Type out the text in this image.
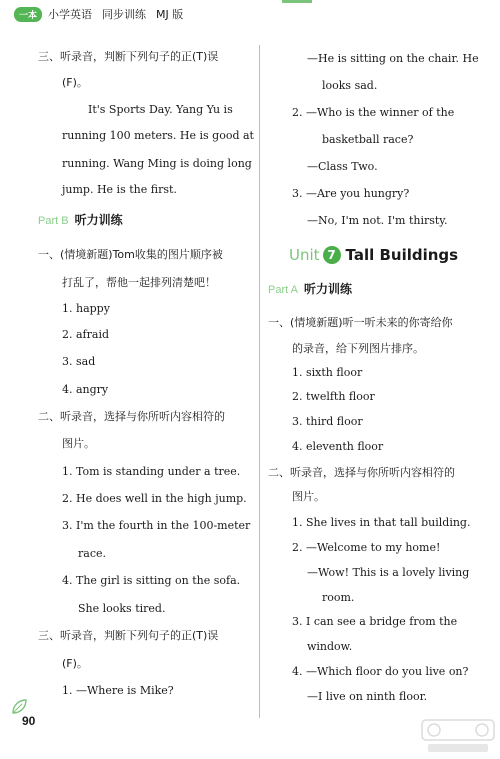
一本 小学英语 同步训练 MJ 版
三、听录音，判断下列句子的正(T)误
(F)。
It's Sports Day. Yang Yu is
running 100 meters. He is good at
running. Wang Ming is doing long
jump. He is the first.
Part B 听力训练
一、(情境新题)Tom收集的图片顺序被
打乱了，帮他一起排列清楚吧！
1. happy
2. afraid
3. sad
4. angry
二、听录音，选择与你所听内容相符的
图片。
1. Tom is standing under a tree.
2. He does well in the high jump.
3. I'm the fourth in the 100-meter
race.
4. The girl is sitting on the sofa.
She looks tired.
三、听录音，判断下列句子的正(T)误
(F)。
1. —Where is Mike?
—He is sitting on the chair. He
looks sad.
2. —Who is the winner of the
basketball race?
—Class Two.
3. —Are you hungry?
—No, I'm not. I'm thirsty.
Unit 7 Tall Buildings
Part A 听力训练
一、(情境新题)听一听未来的你寄给你
的录音，给下列图片排序。
1. sixth floor
2. twelfth floor
3. third floor
4. eleventh floor
二、听录音，选择与你所听内容相符的
图片。
1. She lives in that tall building.
2. —Welcome to my home!
—Wow! This is a lovely living
room.
3. I can see a bridge from the
window.
4. —Which floor do you live on?
—I live on ninth floor.
90
